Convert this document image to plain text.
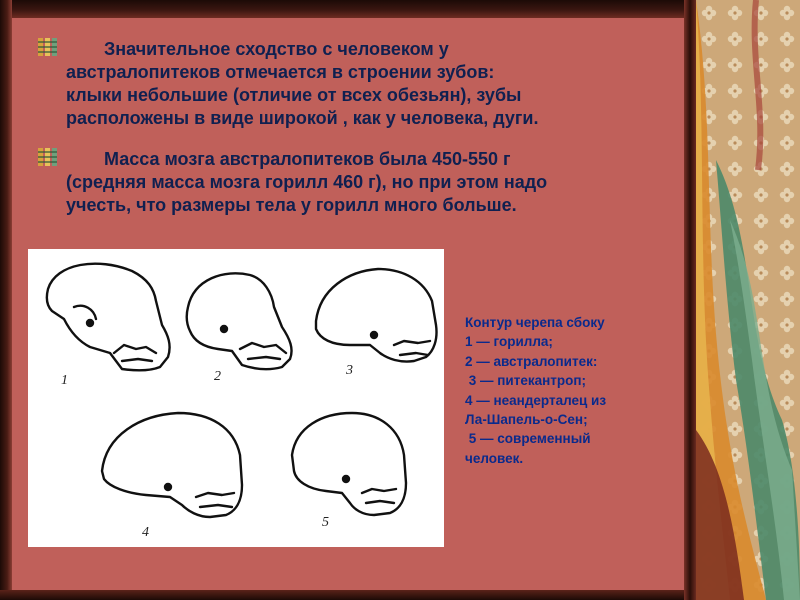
Значительное сходство с человеком у
австралопитеков отмечается в строении зубов:
клыки небольшие (отличие от всех обезьян), зубы
расположены в виде широкой , как у человека, дуги.
Масса мозга австралопитеков была 450-550 г
(средняя масса мозга горилл 460 г), но при этом надо
учесть, что размеры тела у горилл много больше.
1	2	3
4
5
Контур черепа сбоку
1 — горилла;
2 — австралопитек:
3 — питекантроп;
4 — неандерталец из
Ла-Шапель-о-Сен;
5 — современный
человек.
